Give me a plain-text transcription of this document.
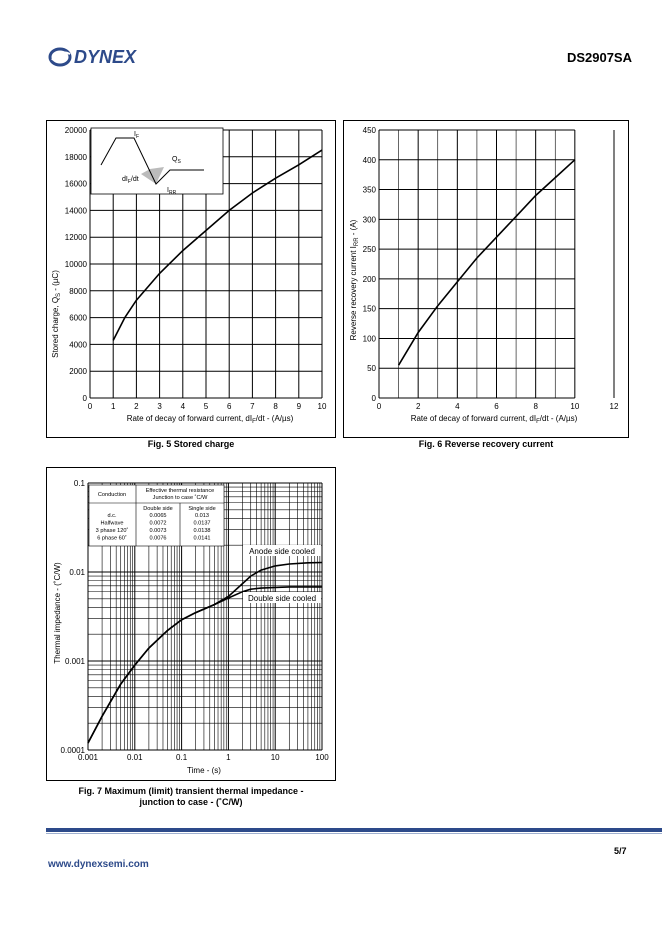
DYNEX	DS2907SA
0 1 2 3 4 5 6 7 8 9 10
0
2000
4000
6000
8000
10000
12000
14000
16000
18000
20000	$I_F$
$Q_S$
$dI_F/dt$
$I_{RR}$
Rate of decay of forward current, $dI_F/dt - (A/\mu s)$
Stored charge, $Q_S - (\mu C)$
Fig. 5 Stored charge
0	2	4	6	8	10	12
0
50
100
150
200
250
300
350
400
450
Rate of decay of forward current, $dI_F/dt - (A/\mu s)$
Reverse recovery current $I_{RR} - (A)$
Fig. 6 Reverse recovery current
0.001	0.01	0.1	1	10	100
0.0001
0.001
0.01
0.1
Conduction
Effective thermal resistance
Junction to case ˚C/W
Double side	Single side
d.c.	0.0065	0.013
Halfwave	0.0072	0.0137
3 phase 120˚	0.0073	0.0138
6 phase 60˚	0.0076	0.0141
Anode side cooled
Double side cooled
Time - (s)
Thermal impedance - (˚C/W)
Fig. 7 Maximum (limit) transient thermal impedance -
junction to case - (˚C/W)
5/7
www.dynexsemi.com
